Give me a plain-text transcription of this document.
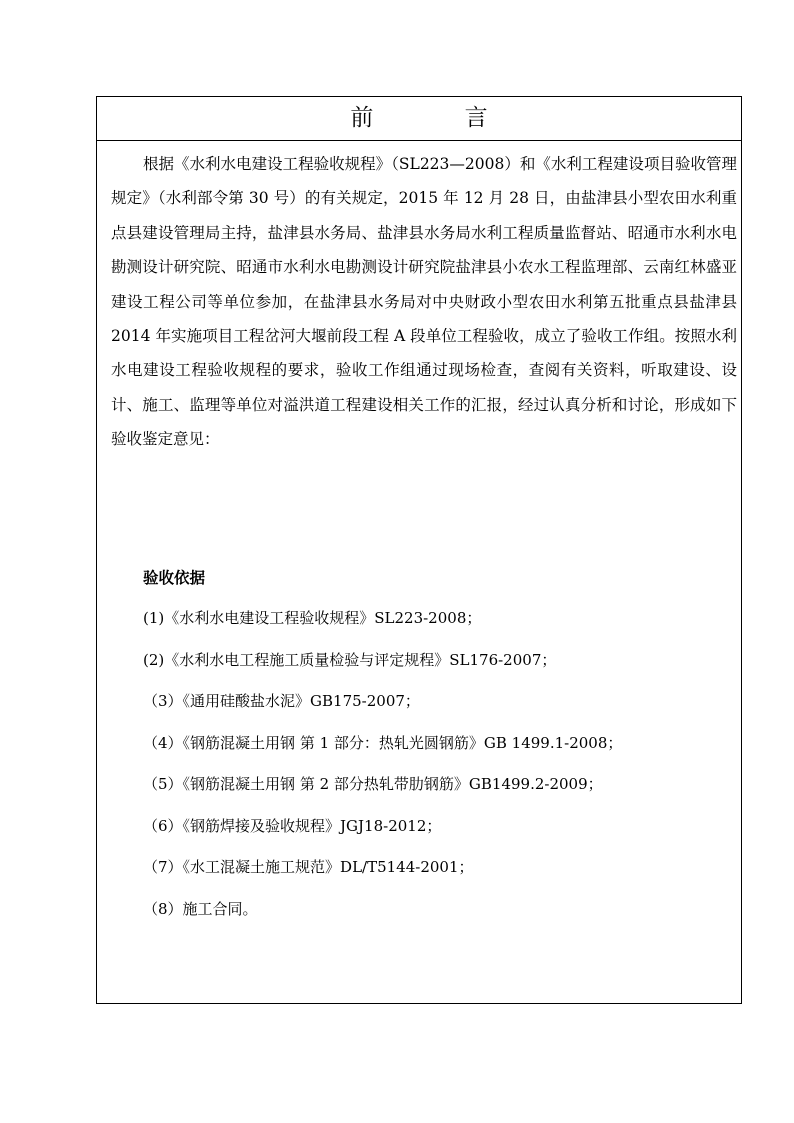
前 言

根据《水利水电建设工程验收规程》（SL223—2008）和《水利工程建设项目验收管理规定》（水利部令第 30 号）的有关规定，2015 年 12 月 28 日，由盐津县小型农田水利重点县建设管理局主持，盐津县水务局、盐津县水务局水利工程质量监督站、昭通市水利水电勘测设计研究院、昭通市水利水电勘测设计研究院盐津县小农水工程监理部、云南红林盛亚建设工程公司等单位参加，在盐津县水务局对中央财政小型农田水利第五批重点县盐津县 2014 年实施项目工程岔河大堰前段工程 A 段单位工程验收，成立了验收工作组。按照水利水电建设工程验收规程的要求，验收工作组通过现场检查，查阅有关资料，听取建设、设计、施工、监理等单位对溢洪道工程建设相关工作的汇报，经过认真分析和讨论，形成如下验收鉴定意见：

验收依据
(1)《水利水电建设工程验收规程》SL223-2008；
(2)《水利水电工程施工质量检验与评定规程》SL176-2007；
（3）《通用硅酸盐水泥》GB175-2007；
（4）《钢筋混凝土用钢 第 1 部分：热轧光圆钢筋》GB 1499.1-2008；
（5）《钢筋混凝土用钢 第 2 部分热轧带肋钢筋》GB1499.2-2009；
（6）《钢筋焊接及验收规程》JGJ18-2012；
（7）《水工混凝土施工规范》DL/T5144-2001；
（8）施工合同。
